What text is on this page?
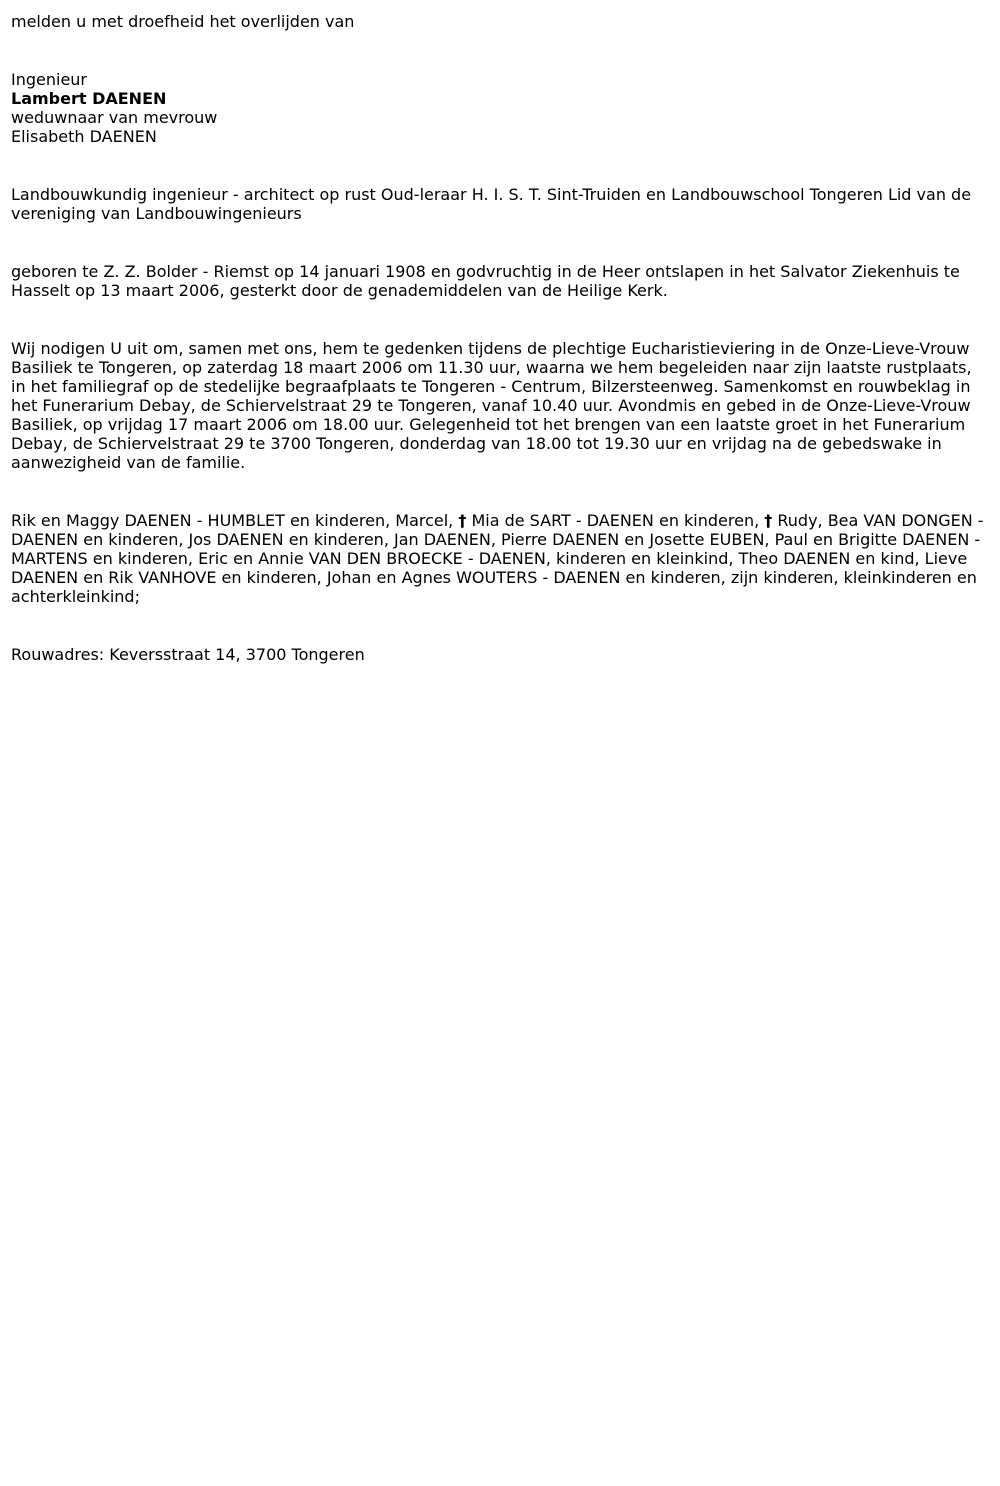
melden u met droefheid het overlijden van

Ingenieur

Lambert DAENEN

weduwnaar van mevrouw

Elisabeth DAENEN

Landbouwkundig ingenieur - architect op rust Oud-leraar H. I. S. T. Sint-Truiden en Landbouwschool Tongeren Lid van de vereniging van Landbouwingenieurs

geboren te Z. Z. Bolder - Riemst op 14 januari 1908 en godvruchtig in de Heer ontslapen in het Salvator Ziekenhuis te Hasselt op 13 maart 2006, gesterkt door de genademiddelen van de Heilige Kerk.

Wij nodigen U uit om, samen met ons, hem te gedenken tijdens de plechtige Eucharistieviering in de Onze-Lieve-Vrouw Basiliek te Tongeren, op zaterdag 18 maart 2006 om 11.30 uur, waarna we hem begeleiden naar zijn laatste rustplaats, in het familiegraf op de stedelijke begraafplaats te Tongeren - Centrum, Bilzersteenweg. Samenkomst en rouwbeklag in het Funerarium Debay, de Schiervelstraat 29 te Tongeren, vanaf 10.40 uur. Avondmis en gebed in de Onze-Lieve-Vrouw Basiliek, op vrijdag 17 maart 2006 om 18.00 uur. Gelegenheid tot het brengen van een laatste groet in het Funerarium Debay, de Schiervelstraat 29 te 3700 Tongeren, donderdag van 18.00 tot 19.30 uur en vrijdag na de gebedswake in aanwezigheid van de familie.

Rik en Maggy DAENEN - HUMBLET en kinderen, Marcel, † Mia de SART - DAENEN en kinderen, † Rudy, Bea VAN DONGEN - DAENEN en kinderen, Jos DAENEN en kinderen, Jan DAENEN, Pierre DAENEN en Josette EUBEN, Paul en Brigitte DAENEN - MARTENS en kinderen, Eric en Annie VAN DEN BROECKE - DAENEN, kinderen en kleinkind, Theo DAENEN en kind, Lieve DAENEN en Rik VANHOVE en kinderen, Johan en Agnes WOUTERS - DAENEN en kinderen, zijn kinderen, kleinkinderen en achterkleinkind;

Rouwadres: Keversstraat 14, 3700 Tongeren
